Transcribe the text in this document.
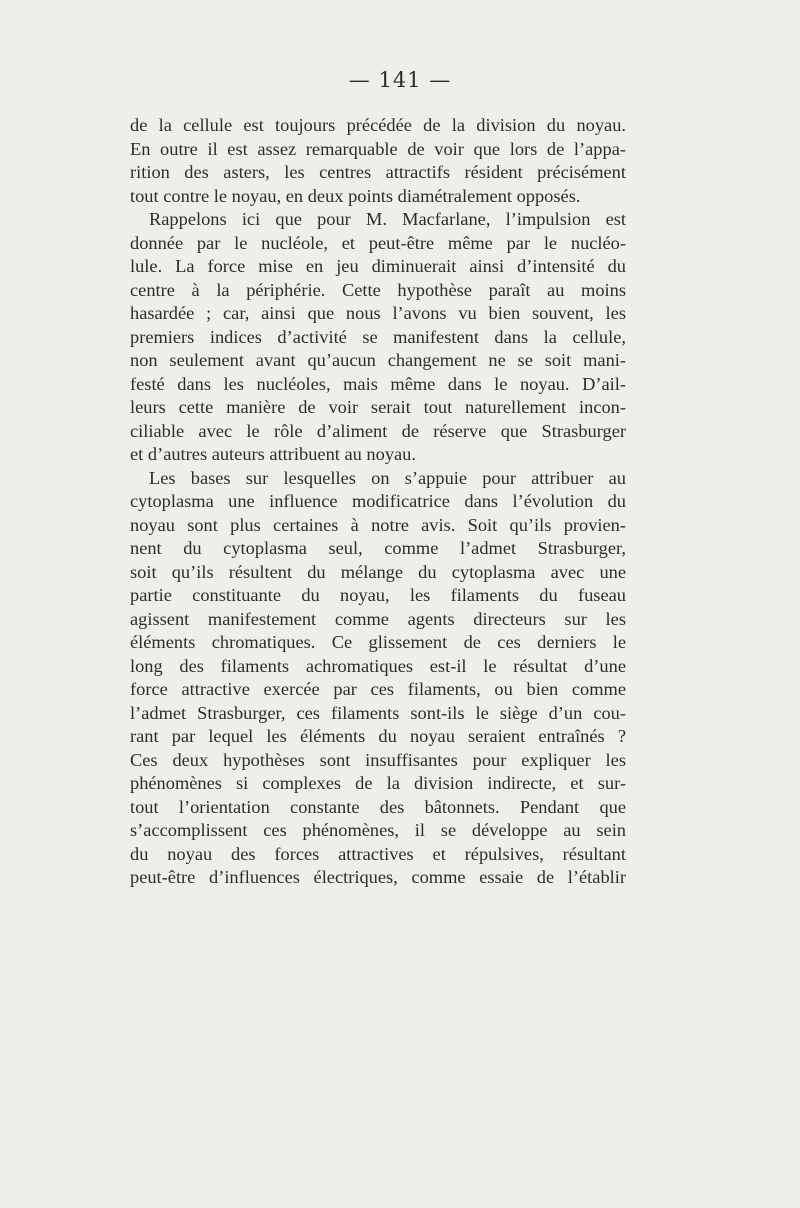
— 141 —
de la cellule est toujours précédée de la division du noyau.
En outre il est assez remarquable de voir que lors de l’appa-
rition des asters, les centres attractifs résident précisément
tout contre le noyau, en deux points diamétralement opposés.
Rappelons ici que pour M. Macfarlane, l’impulsion est
donnée par le nucléole, et peut-être même par le nucléo-
lule. La force mise en jeu diminuerait ainsi d’intensité du
centre à la périphérie. Cette hypothèse paraît au moins
hasardée ; car, ainsi que nous l’avons vu bien souvent, les
premiers indices d’activité se manifestent dans la cellule,
non seulement avant qu’aucun changement ne se soit mani-
festé dans les nucléoles, mais même dans le noyau. D’ail-
leurs cette manière de voir serait tout naturellement incon-
ciliable avec le rôle d’aliment de réserve que Strasburger
et d’autres auteurs attribuent au noyau.
Les bases sur lesquelles on s’appuie pour attribuer au
cytoplasma une influence modificatrice dans l’évolution du
noyau sont plus certaines à notre avis. Soit qu’ils provien-
nent du cytoplasma seul, comme l’admet Strasburger,
soit qu’ils résultent du mélange du cytoplasma avec une
partie constituante du noyau, les filaments du fuseau
agissent manifestement comme agents directeurs sur les
éléments chromatiques. Ce glissement de ces derniers le
long des filaments achromatiques est-il le résultat d’une
force attractive exercée par ces filaments, ou bien comme
l’admet Strasburger, ces filaments sont-ils le siège d’un cou-
rant par lequel les éléments du noyau seraient entraînés ?
Ces deux hypothèses sont insuffisantes pour expliquer les
phénomènes si complexes de la division indirecte, et sur-
tout l’orientation constante des bâtonnets. Pendant que
s’accomplissent ces phénomènes, il se développe au sein
du noyau des forces attractives et répulsives, résultant
peut-être d’influences électriques, comme essaie de l’établir
